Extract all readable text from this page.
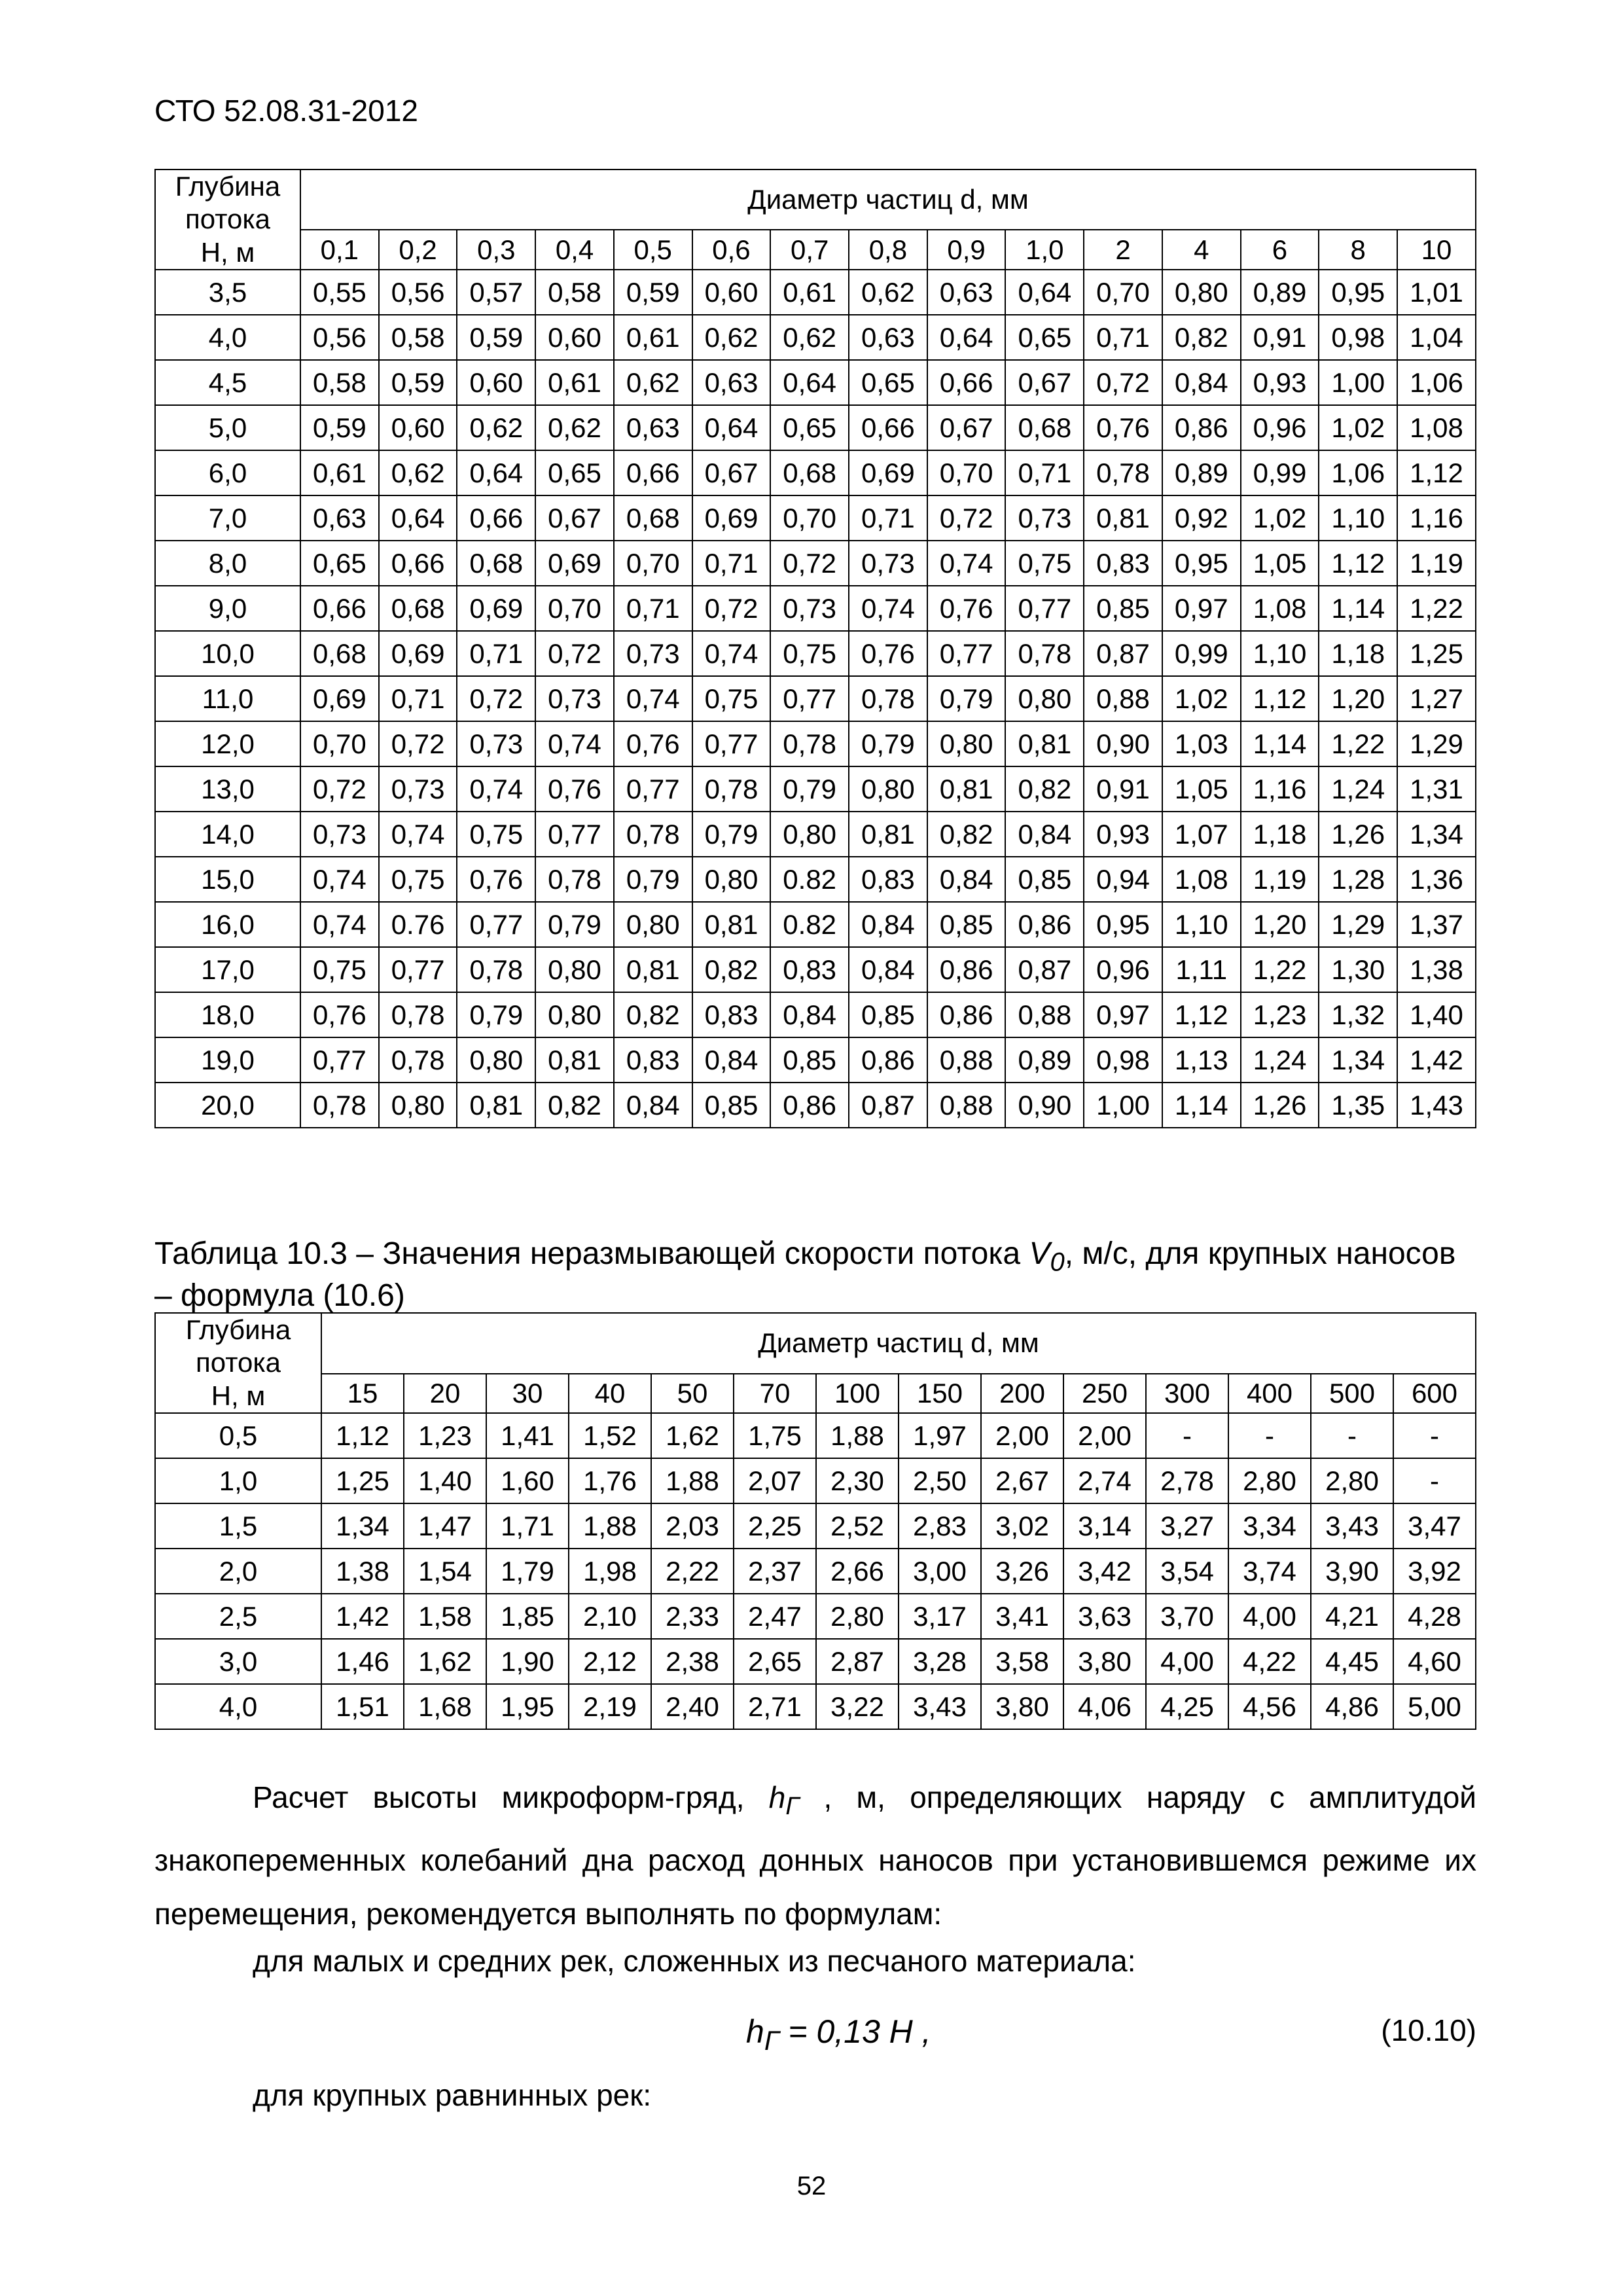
СТО 52.08.31-2012
Глубина потока
Н, м	Диаметр частиц d, мм														
	0,1	0,2	0,3	0,4	0,5	0,6	0,7	0,8	0,9	1,0	2	4	6	8	10
3,5	0,55	0,56	0,57	0,58	0,59	0,60	0,61	0,62	0,63	0,64	0,70	0,80	0,89	0,95	1,01
4,0	0,56	0,58	0,59	0,60	0,61	0,62	0,62	0,63	0,64	0,65	0,71	0,82	0,91	0,98	1,04
4,5	0,58	0,59	0,60	0,61	0,62	0,63	0,64	0,65	0,66	0,67	0,72	0,84	0,93	1,00	1,06
5,0	0,59	0,60	0,62	0,62	0,63	0,64	0,65	0,66	0,67	0,68	0,76	0,86	0,96	1,02	1,08
6,0	0,61	0,62	0,64	0,65	0,66	0,67	0,68	0,69	0,70	0,71	0,78	0,89	0,99	1,06	1,12
7,0	0,63	0,64	0,66	0,67	0,68	0,69	0,70	0,71	0,72	0,73	0,81	0,92	1,02	1,10	1,16
8,0	0,65	0,66	0,68	0,69	0,70	0,71	0,72	0,73	0,74	0,75	0,83	0,95	1,05	1,12	1,19
9,0	0,66	0,68	0,69	0,70	0,71	0,72	0,73	0,74	0,76	0,77	0,85	0,97	1,08	1,14	1,22
10,0	0,68	0,69	0,71	0,72	0,73	0,74	0,75	0,76	0,77	0,78	0,87	0,99	1,10	1,18	1,25
11,0	0,69	0,71	0,72	0,73	0,74	0,75	0,77	0,78	0,79	0,80	0,88	1,02	1,12	1,20	1,27
12,0	0,70	0,72	0,73	0,74	0,76	0,77	0,78	0,79	0,80	0,81	0,90	1,03	1,14	1,22	1,29
13,0	0,72	0,73	0,74	0,76	0,77	0,78	0,79	0,80	0,81	0,82	0,91	1,05	1,16	1,24	1,31
14,0	0,73	0,74	0,75	0,77	0,78	0,79	0,80	0,81	0,82	0,84	0,93	1,07	1,18	1,26	1,34
15,0	0,74	0,75	0,76	0,78	0,79	0,80	0.82	0,83	0,84	0,85	0,94	1,08	1,19	1,28	1,36
16,0	0,74	0.76	0,77	0,79	0,80	0,81	0.82	0,84	0,85	0,86	0,95	1,10	1,20	1,29	1,37
17,0	0,75	0,77	0,78	0,80	0,81	0,82	0,83	0,84	0,86	0,87	0,96	1,11	1,22	1,30	1,38
18,0	0,76	0,78	0,79	0,80	0,82	0,83	0,84	0,85	0,86	0,88	0,97	1,12	1,23	1,32	1,40
19,0	0,77	0,78	0,80	0,81	0,83	0,84	0,85	0,86	0,88	0,89	0,98	1,13	1,24	1,34	1,42
20,0	0,78	0,80	0,81	0,82	0,84	0,85	0,86	0,87	0,88	0,90	1,00	1,14	1,26	1,35	1,43
Таблица 10.3 – Значения неразмывающей скорости потока $V_0$, м/с, для крупных наносов – формула (10.6)
Глубина потока
Н, м	Диаметр частиц d, мм													
	15	20	30	40	50	70	100	150	200	250	300	400	500	600
0,5	1,12	1,23	1,41	1,52	1,62	1,75	1,88	1,97	2,00	2,00	-	-	-	-
1,0	1,25	1,40	1,60	1,76	1,88	2,07	2,30	2,50	2,67	2,74	2,78	2,80	2,80	-
1,5	1,34	1,47	1,71	1,88	2,03	2,25	2,52	2,83	3,02	3,14	3,27	3,34	3,43	3,47
2,0	1,38	1,54	1,79	1,98	2,22	2,37	2,66	3,00	3,26	3,42	3,54	3,74	3,90	3,92
2,5	1,42	1,58	1,85	2,10	2,33	2,47	2,80	3,17	3,41	3,63	3,70	4,00	4,21	4,28
3,0	1,46	1,62	1,90	2,12	2,38	2,65	2,87	3,28	3,58	3,80	4,00	4,22	4,45	4,60
4,0	1,51	1,68	1,95	2,19	2,40	2,71	3,22	3,43	3,80	4,06	4,25	4,56	4,86	5,00
Расчет высоты микроформ-гряд, $h_Г$ , м, определяющих наряду с амплитудой знакопеременных колебаний дна расход донных наносов при установившемся режиме их перемещения, рекомендуется выполнять по формулам:
для малых и средних рек, сложенных из песчаного материала:
$h_Г = 0,13$ H ,	(10.10)
для крупных равнинных рек:
52
